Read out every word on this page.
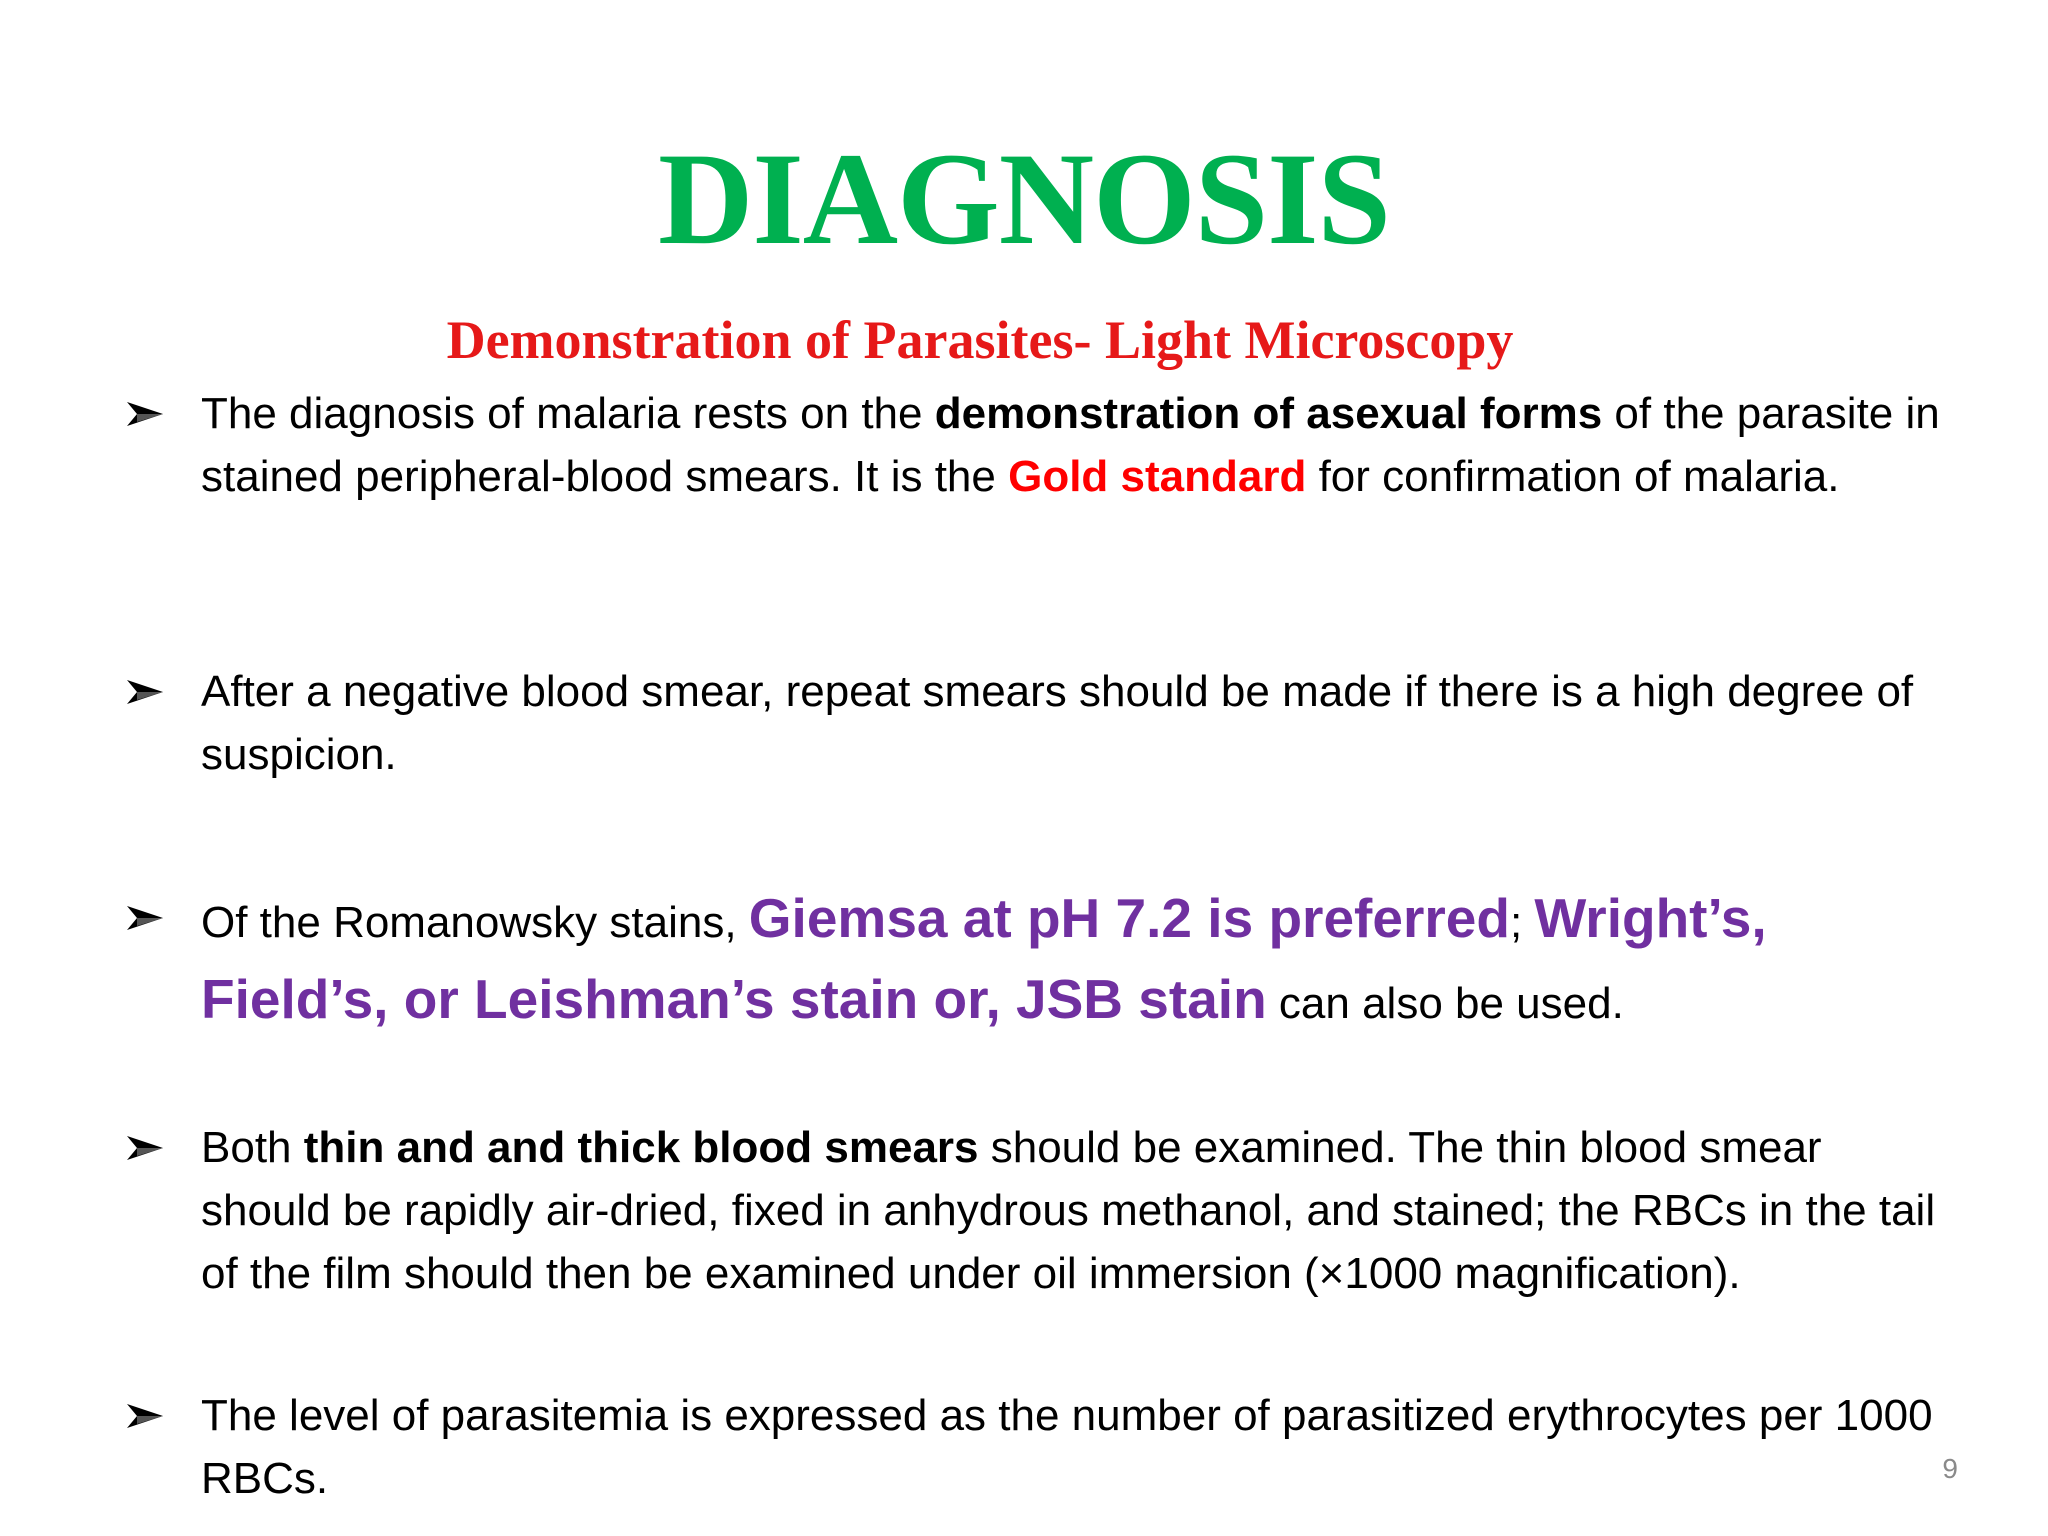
DIAGNOSIS
Demonstration of Parasites- Light Microscopy
The diagnosis of malaria rests on the demonstration of asexual forms of the parasite in stained peripheral-blood smears. It is the Gold standard for confirmation of malaria.
After a negative blood smear, repeat smears should be made if there is a high degree of suspicion.
Of the Romanowsky stains, Giemsa at pH 7.2 is preferred; Wright’s, Field’s, or Leishman’s stain or, JSB stain can also be used.
Both thin and and thick blood smears should be examined. The thin blood smear should be rapidly air-dried, fixed in anhydrous methanol, and stained; the RBCs in the tail of the film should then be examined under oil immersion (×1000 magnification).
The level of parasitemia is expressed as the number of parasitized erythrocytes per 1000 RBCs.	9
